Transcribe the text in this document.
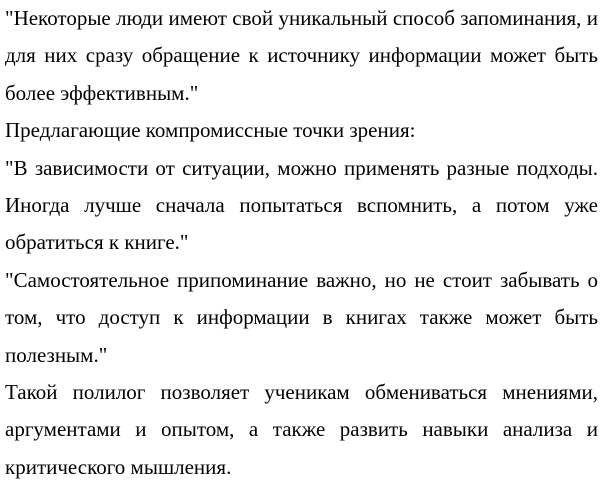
"Некоторые люди имеют свой уникальный способ запоминания, и для них сразу обращение к источнику информации может быть более эффективным."

Предлагающие компромиссные точки зрения:

"В зависимости от ситуации, можно применять разные подходы. Иногда лучше сначала попытаться вспомнить, а потом уже обратиться к книге."

"Самостоятельное припоминание важно, но не стоит забывать о том, что доступ к информации в книгах также может быть полезным."

Такой полилог позволяет ученикам обмениваться мнениями, аргументами и опытом, а также развить навыки анализа и критического мышления.
